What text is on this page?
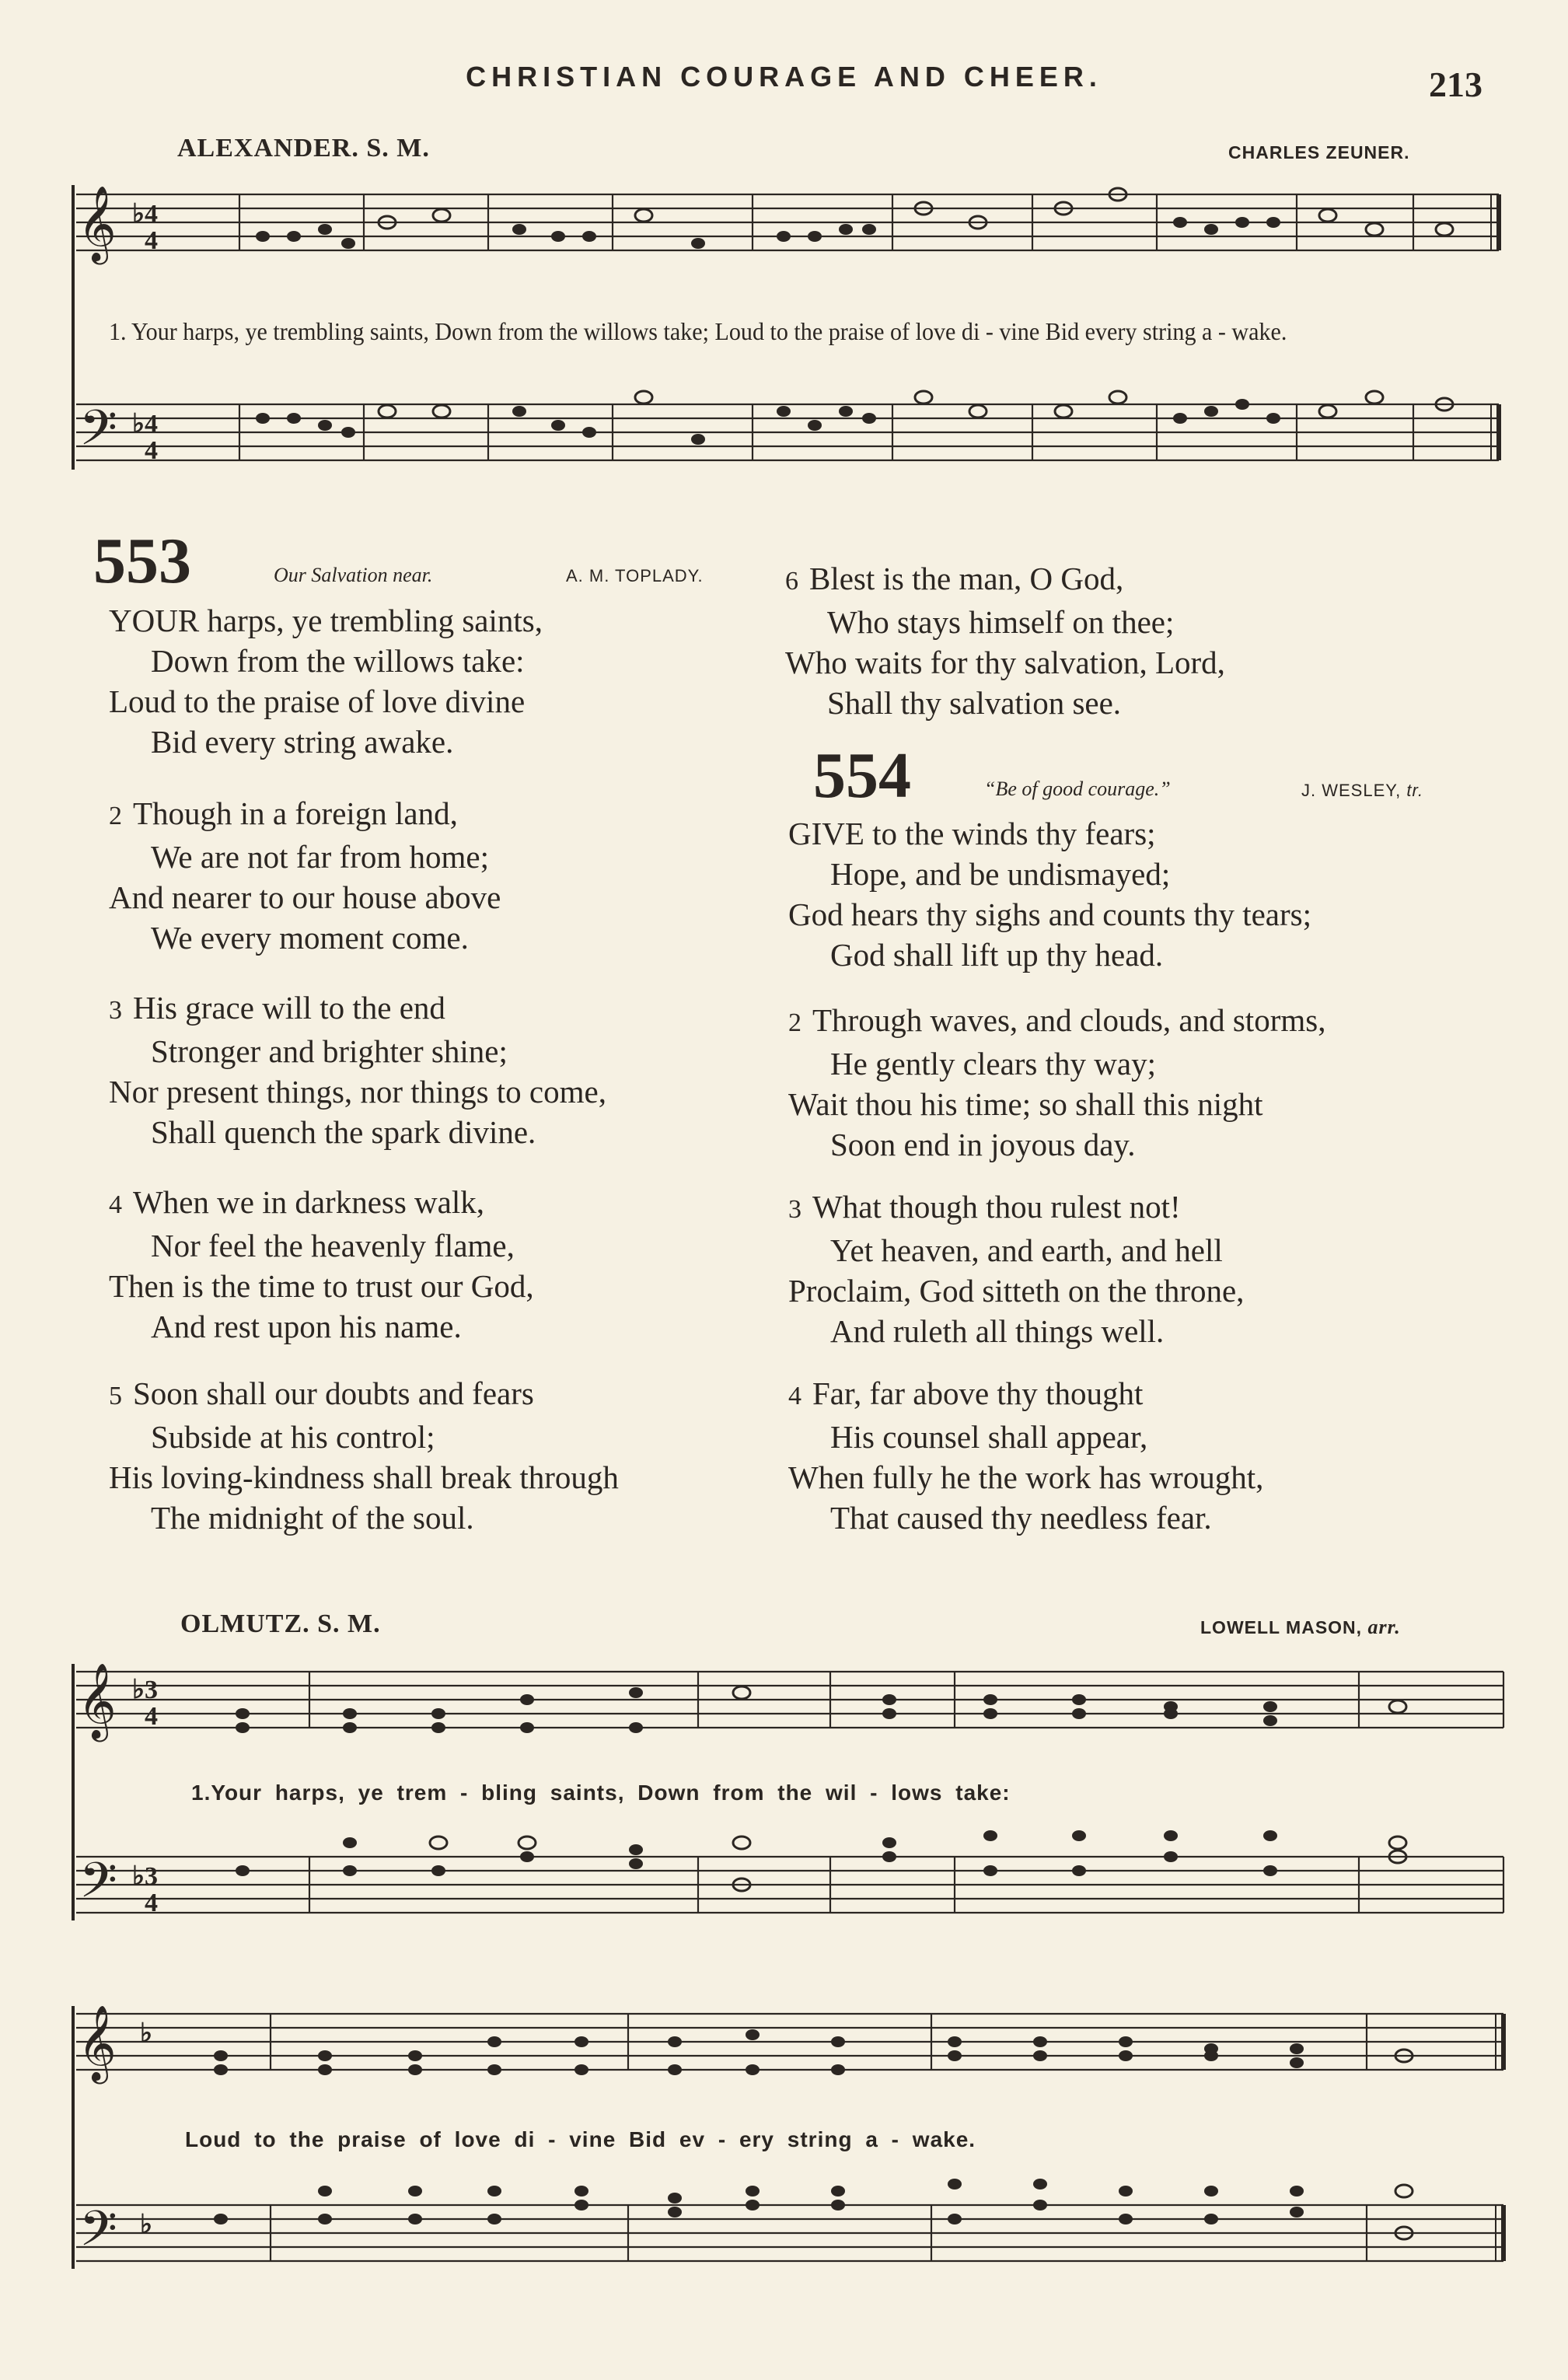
CHRISTIAN COURAGE AND CHEER.	213
ALEXANDER. S. M.	CHARLES ZEUNER.
𝄞
𝄢
♭4
4
♭4
4
1. Your harps, ye trembling saints, Down from the willows take; Loud to the praise of love di - vine Bid every string a - wake.
553	Our Salvation near.	A. M. TOPLADY.
YOUR harps, ye trembling saints,
Down from the willows take:
Loud to the praise of love divine
Bid every string awake.
2 Though in a foreign land,
We are not far from home;
And nearer to our house above
We every moment come.
3 His grace will to the end
Stronger and brighter shine;
Nor present things, nor things to come,
Shall quench the spark divine.
4 When we in darkness walk,
Nor feel the heavenly flame,
Then is the time to trust our God,
And rest upon his name.
5 Soon shall our doubts and fears
Subside at his control;
His loving-kindness shall break through
The midnight of the soul.
6 Blest is the man, O God,
Who stays himself on thee;
Who waits for thy salvation, Lord,
Shall thy salvation see.
554	“Be of good courage.”	J. WESLEY, tr.
GIVE to the winds thy fears;
Hope, and be undismayed;
God hears thy sighs and counts thy tears;
God shall lift up thy head.
2 Through waves, and clouds, and storms,
He gently clears thy way;
Wait thou his time; so shall this night
Soon end in joyous day.
3 What though thou rulest not!
Yet heaven, and earth, and hell
Proclaim, God sitteth on the throne,
And ruleth all things well.
4 Far, far above thy thought
His counsel shall appear,
When fully he the work has wrought,
That caused thy needless fear.
OLMUTZ. S. M.	LOWELL MASON, arr.
𝄞
𝄢
♭3
4
♭3
4
1.Your harps, ye trem - bling saints, Down from the wil - lows take:
𝄞
𝄢
♭
♭
Loud to the praise of love di - vine Bid ev - ery string a - wake.
